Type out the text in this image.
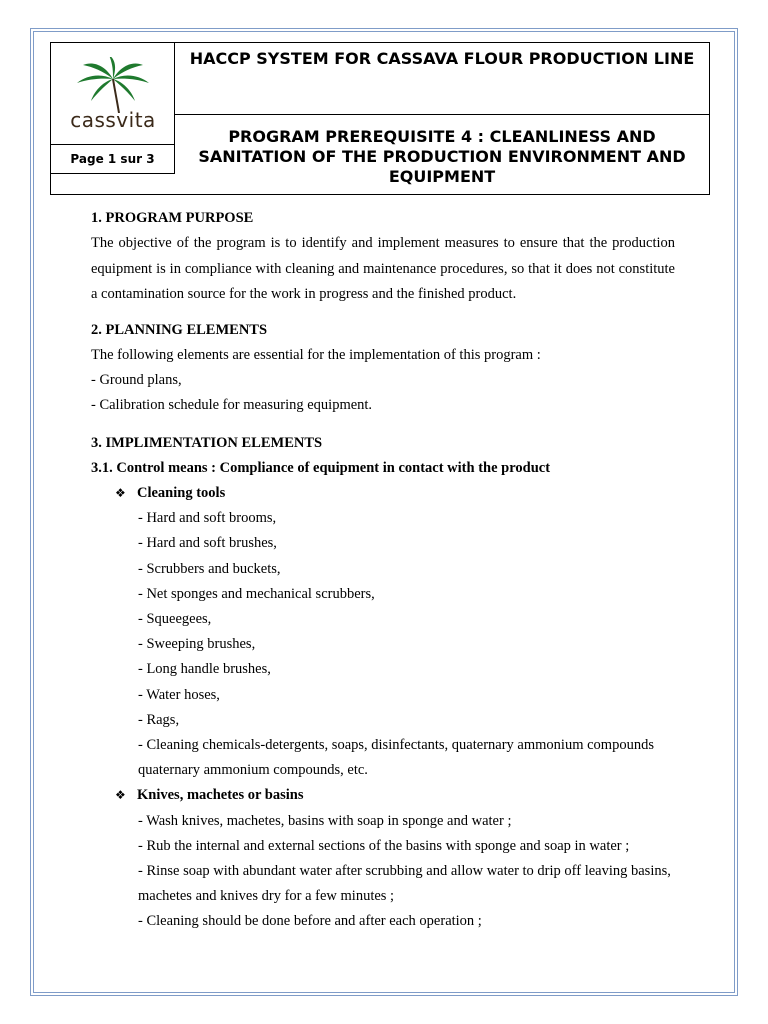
cassvita
Page 1 sur 3
HACCP SYSTEM FOR CASSAVA FLOUR PRODUCTION LINE
PROGRAM PREREQUISITE 4 : CLEANLINESS AND SANITATION OF THE PRODUCTION ENVIRONMENT AND EQUIPMENT
1. PROGRAM PURPOSE
The objective of the program is to identify and implement measures to ensure that the production equipment is in compliance with cleaning and maintenance procedures, so that it does not constitute a contamination source for the work in progress and the finished product.
2. PLANNING ELEMENTS
The following elements are essential for the implementation of this program :
- Ground plans,
- Calibration schedule for measuring equipment.
3. IMPLIMENTATION ELEMENTS
3.1. Control means : Compliance of equipment in contact with the product
❖ Cleaning tools
- Hard and soft brooms,
- Hard and soft brushes,
- Scrubbers and buckets,
- Net sponges and mechanical scrubbers,
- Squeegees,
- Sweeping brushes,
- Long handle brushes,
- Water hoses,
- Rags,
- Cleaning chemicals-detergents, soaps, disinfectants, quaternary ammonium compounds quaternary ammonium compounds, etc.
❖ Knives, machetes or basins
- Wash knives, machetes, basins with soap in sponge and water ;
- Rub the internal and external sections of the basins with sponge and soap in water ;
- Rinse soap with abundant water after scrubbing and allow water to drip off leaving basins, machetes and knives dry for a few minutes ;
- Cleaning should be done before and after each operation ;
